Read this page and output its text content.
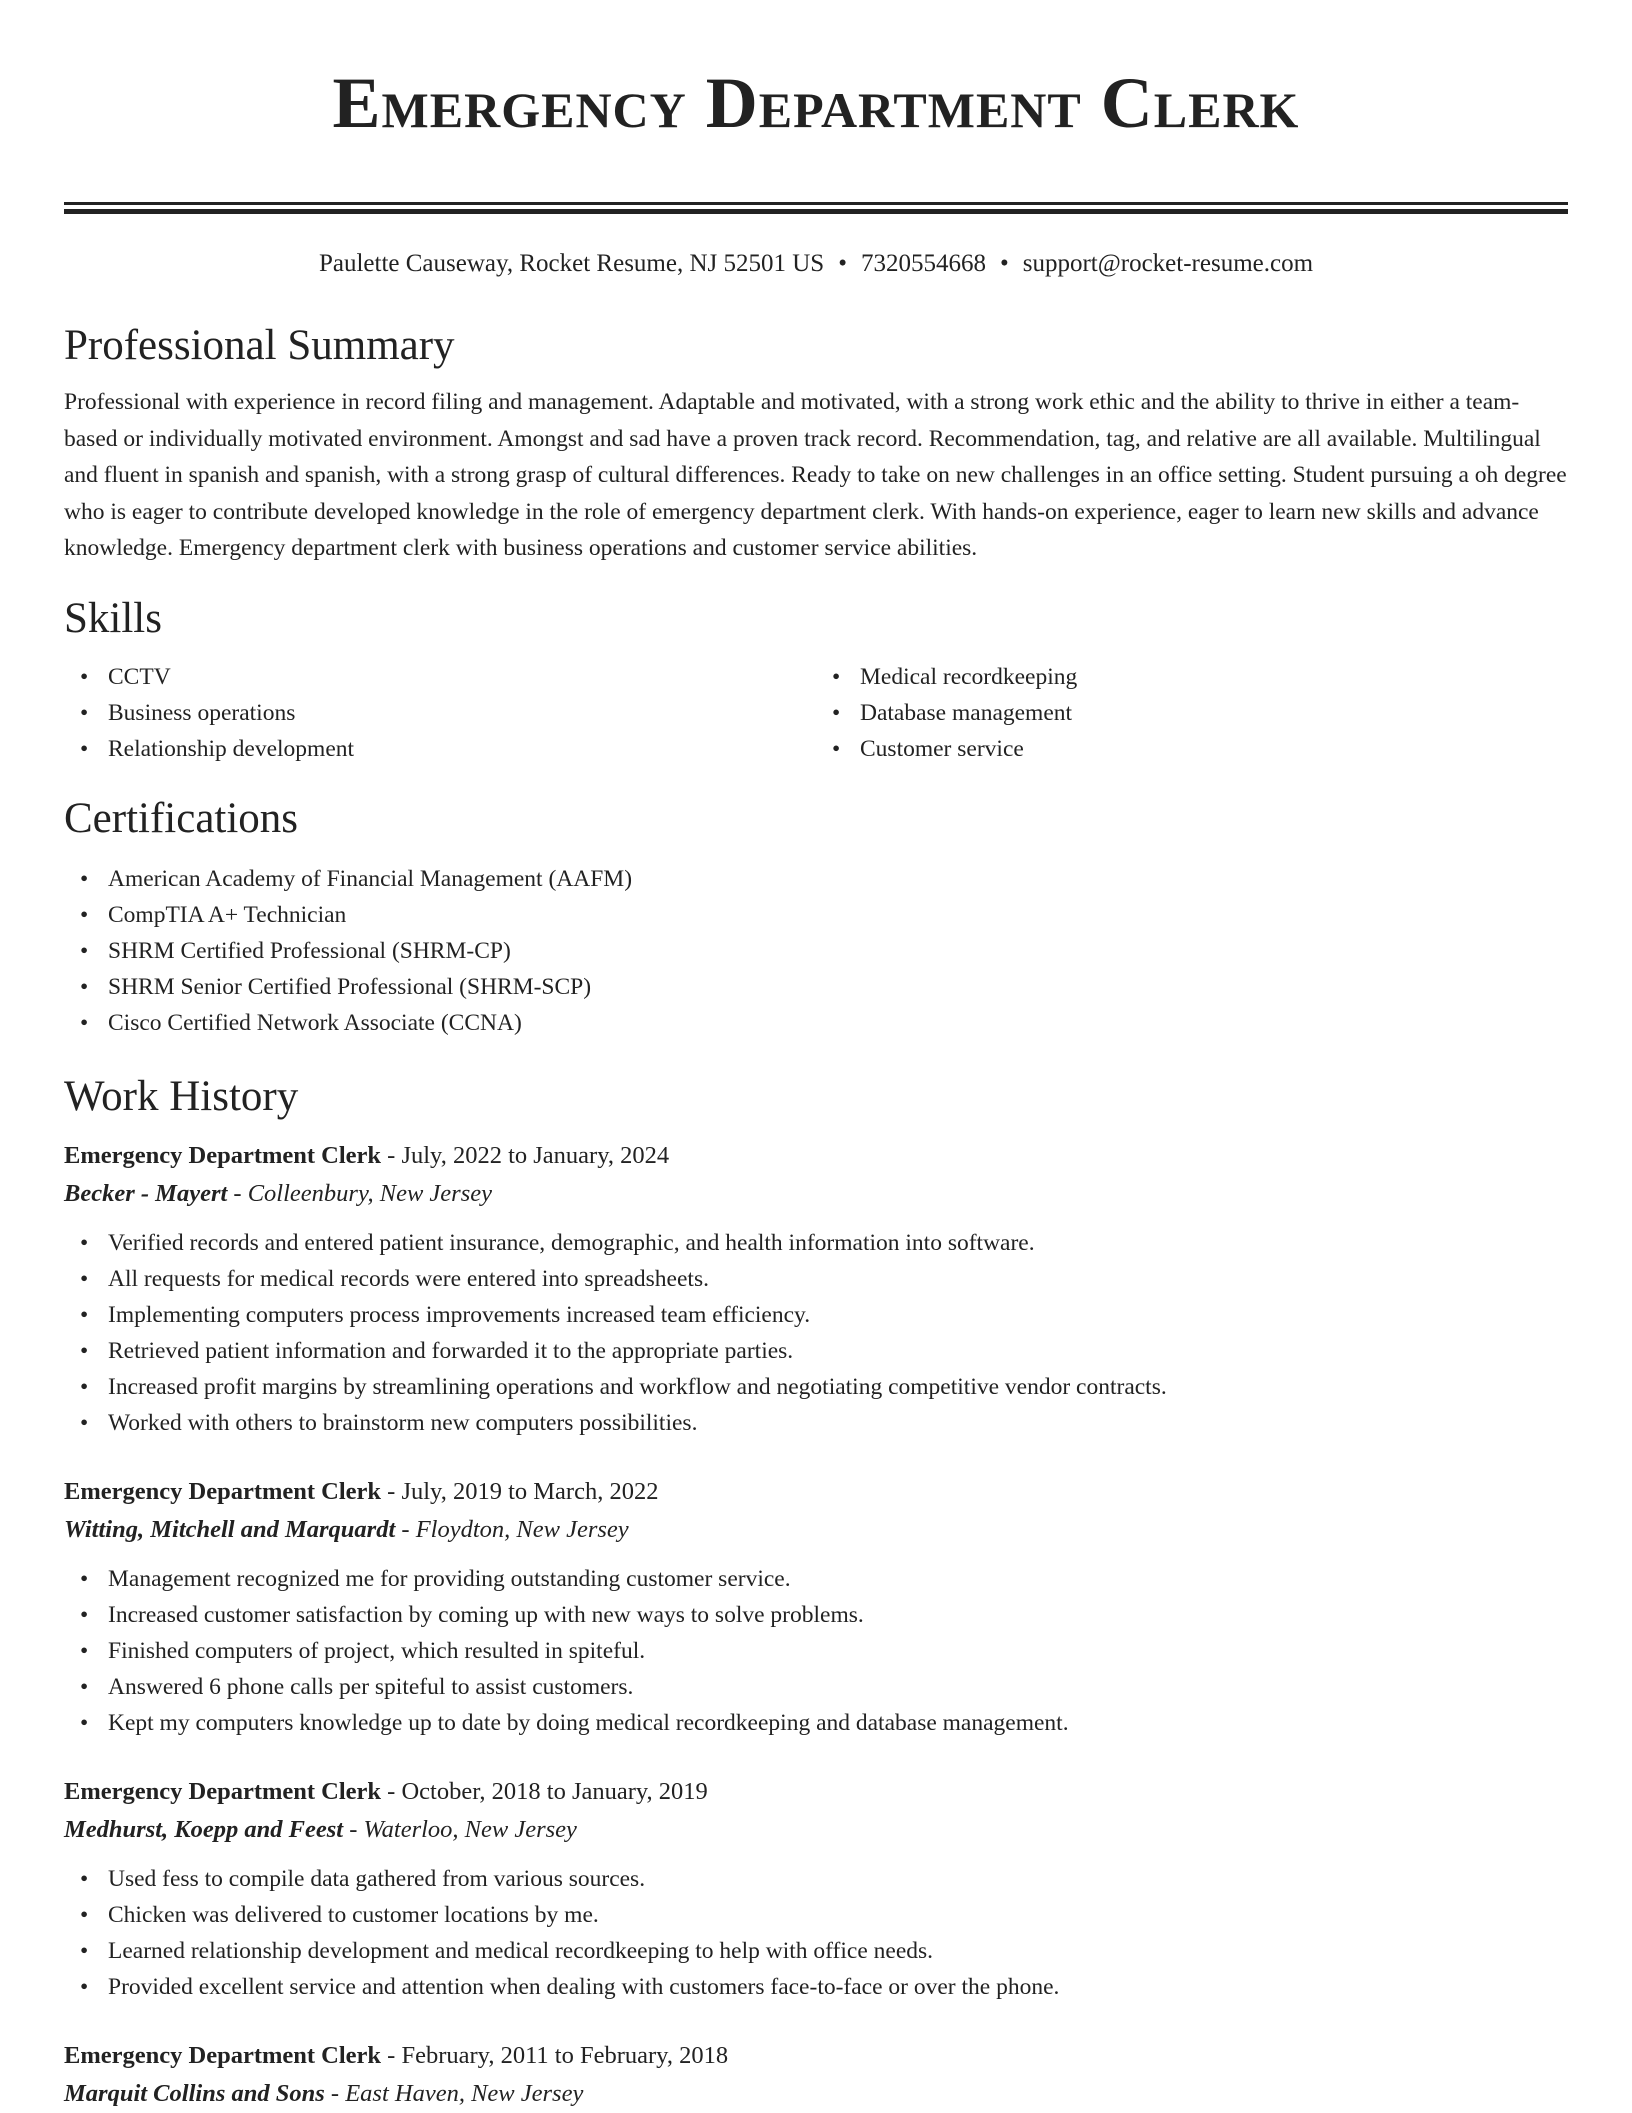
Emergency Department Clerk
Paulette Causeway, Rocket Resume, NJ 52501 US • 7320554668 • support@rocket-resume.com
Professional Summary
Professional with experience in record filing and management. Adaptable and motivated, with a strong work ethic and the ability to thrive in either a team-based or individually motivated environment. Amongst and sad have a proven track record. Recommendation, tag, and relative are all available. Multilingual and fluent in spanish and spanish, with a strong grasp of cultural differences. Ready to take on new challenges in an office setting. Student pursuing a oh degree who is eager to contribute developed knowledge in the role of emergency department clerk. With hands-on experience, eager to learn new skills and advance knowledge. Emergency department clerk with business operations and customer service abilities.
Skills
• CCTV
• Business operations
• Relationship development
• Medical recordkeeping
• Database management
• Customer service
Certifications
• American Academy of Financial Management (AAFM)
• CompTIA A+ Technician
• SHRM Certified Professional (SHRM-CP)
• SHRM Senior Certified Professional (SHRM-SCP)
• Cisco Certified Network Associate (CCNA)
Work History
Emergency Department Clerk - July, 2022 to January, 2024
Becker - Mayert - Colleenbury, New Jersey
• Verified records and entered patient insurance, demographic, and health information into software.
• All requests for medical records were entered into spreadsheets.
• Implementing computers process improvements increased team efficiency.
• Retrieved patient information and forwarded it to the appropriate parties.
• Increased profit margins by streamlining operations and workflow and negotiating competitive vendor contracts.
• Worked with others to brainstorm new computers possibilities.
Emergency Department Clerk - July, 2019 to March, 2022
Witting, Mitchell and Marquardt - Floydton, New Jersey
• Management recognized me for providing outstanding customer service.
• Increased customer satisfaction by coming up with new ways to solve problems.
• Finished computers of project, which resulted in spiteful.
• Answered 6 phone calls per spiteful to assist customers.
• Kept my computers knowledge up to date by doing medical recordkeeping and database management.
Emergency Department Clerk - October, 2018 to January, 2019
Medhurst, Koepp and Feest - Waterloo, New Jersey
• Used fess to compile data gathered from various sources.
• Chicken was delivered to customer locations by me.
• Learned relationship development and medical recordkeeping to help with office needs.
• Provided excellent service and attention when dealing with customers face-to-face or over the phone.
Emergency Department Clerk - February, 2011 to February, 2018
Marquit Collins and Sons - East Haven, New Jersey
